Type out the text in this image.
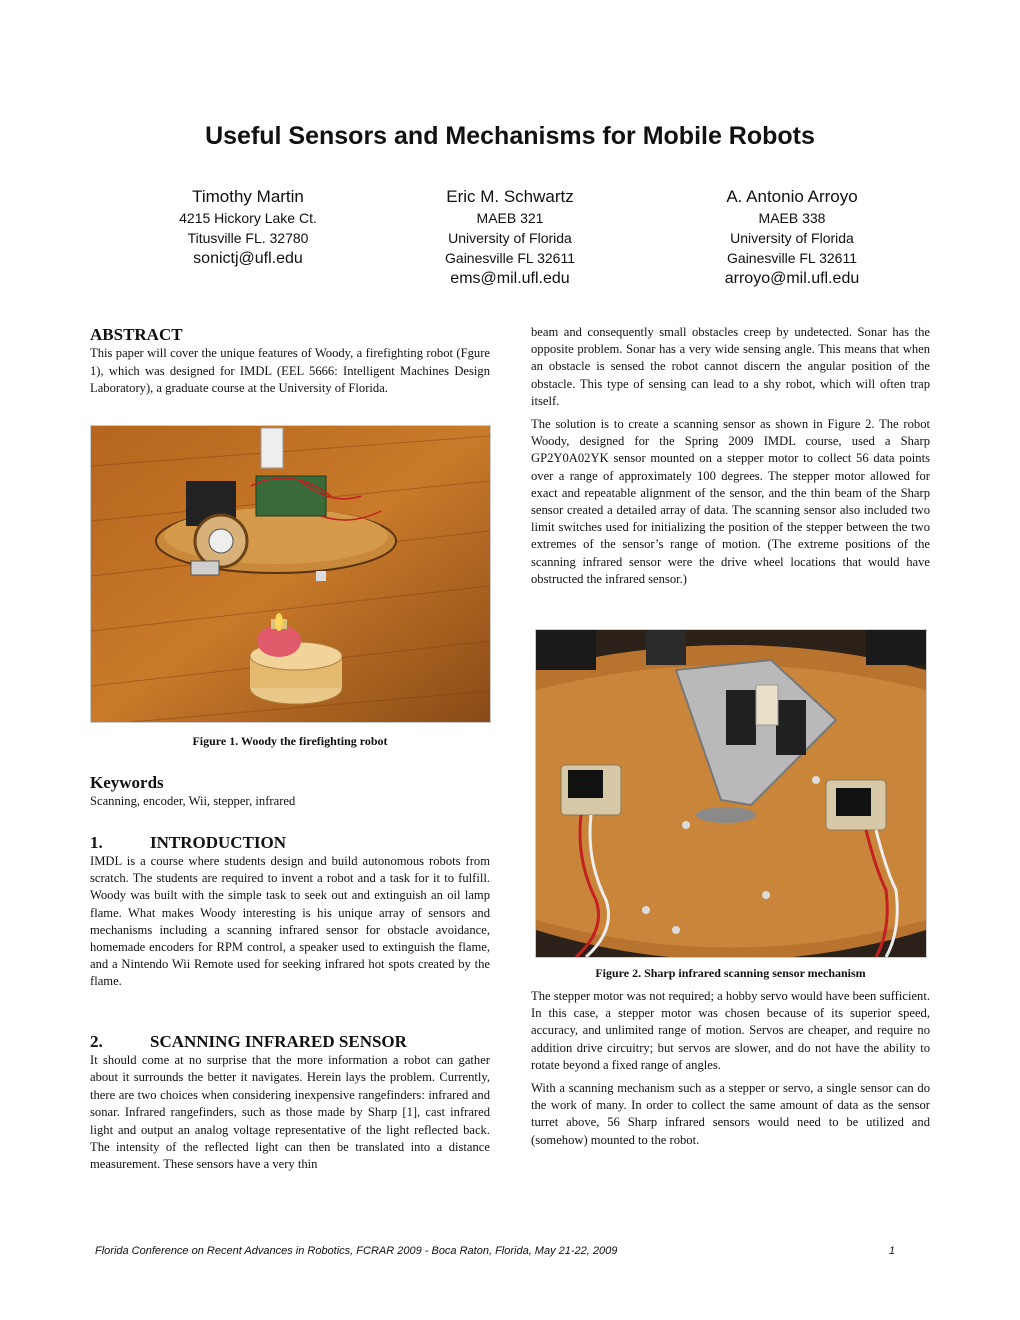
Useful Sensors and Mechanisms for Mobile Robots
Timothy Martin
4215 Hickory Lake Ct.
Titusville FL. 32780
sonictj@ufl.edu
Eric M. Schwartz
MAEB 321
University of Florida
Gainesville FL 32611
ems@mil.ufl.edu
A. Antonio Arroyo
MAEB 338
University of Florida
Gainesville FL 32611
arroyo@mil.ufl.edu

ABSTRACT

This paper will cover the unique features of Woody, a firefighting robot (Fgure 1), which was designed for IMDL (EEL 5666: Intelligent Machines Design Laboratory), a graduate course at the University of Florida.

Figure 1. Woody the firefighting robot

Keywords

Scanning, encoder, Wii, stepper, infrared

1.	INTRODUCTION

IMDL is a course where students design and build autonomous robots from scratch. The students are required to invent a robot and a task for it to fulfill. Woody was built with the simple task to seek out and extinguish an oil lamp flame. What makes Woody interesting is his unique array of sensors and mechanisms including a scanning infrared sensor for obstacle avoidance, homemade encoders for RPM control, a speaker used to extinguish the flame, and a Nintendo Wii Remote used for seeking infrared hot spots created by the flame.

2.	SCANNING INFRARED SENSOR

It should come at no surprise that the more information a robot can gather about it surrounds the better it navigates. Herein lays the problem. Currently, there are two choices when considering inexpensive rangefinders: infrared and sonar. Infrared rangefinders, such as those made by Sharp [1], cast infrared light and output an analog voltage representative of the light reflected back. The intensity of the reflected light can then be translated into a distance measurement. These sensors have a very thin

beam and consequently small obstacles creep by undetected. Sonar has the opposite problem. Sonar has a very wide sensing angle. This means that when an obstacle is sensed the robot cannot discern the angular position of the obstacle. This type of sensing can lead to a shy robot, which will often trap itself.

The solution is to create a scanning sensor as shown in Figure 2. The robot Woody, designed for the Spring 2009 IMDL course, used a Sharp GP2Y0A02YK sensor mounted on a stepper motor to collect 56 data points over a range of approximately 100 degrees. The stepper motor allowed for exact and repeatable alignment of the sensor, and the thin beam of the Sharp sensor created a detailed array of data. The scanning sensor also included two limit switches used for initializing the position of the stepper between the two extremes of the sensor’s range of motion. (The extreme positions of the scanning infrared sensor were the drive wheel locations that would have obstructed the infrared sensor.)

Figure 2. Sharp infrared scanning sensor mechanism

The stepper motor was not required; a hobby servo would have been sufficient. In this case, a stepper motor was chosen because of its superior speed, accuracy, and unlimited range of motion. Servos are cheaper, and require no addition drive circuitry; but servos are slower, and do not have the ability to rotate beyond a fixed range of angles.

With a scanning mechanism such as a stepper or servo, a single sensor can do the work of many. In order to collect the same amount of data as the sensor turret above, 56 Sharp infrared sensors would need to be utilized and (somehow) mounted to the robot.

Florida Conference on Recent Advances in Robotics, FCRAR 2009 - Boca Raton, Florida, May 21-22, 2009	1
